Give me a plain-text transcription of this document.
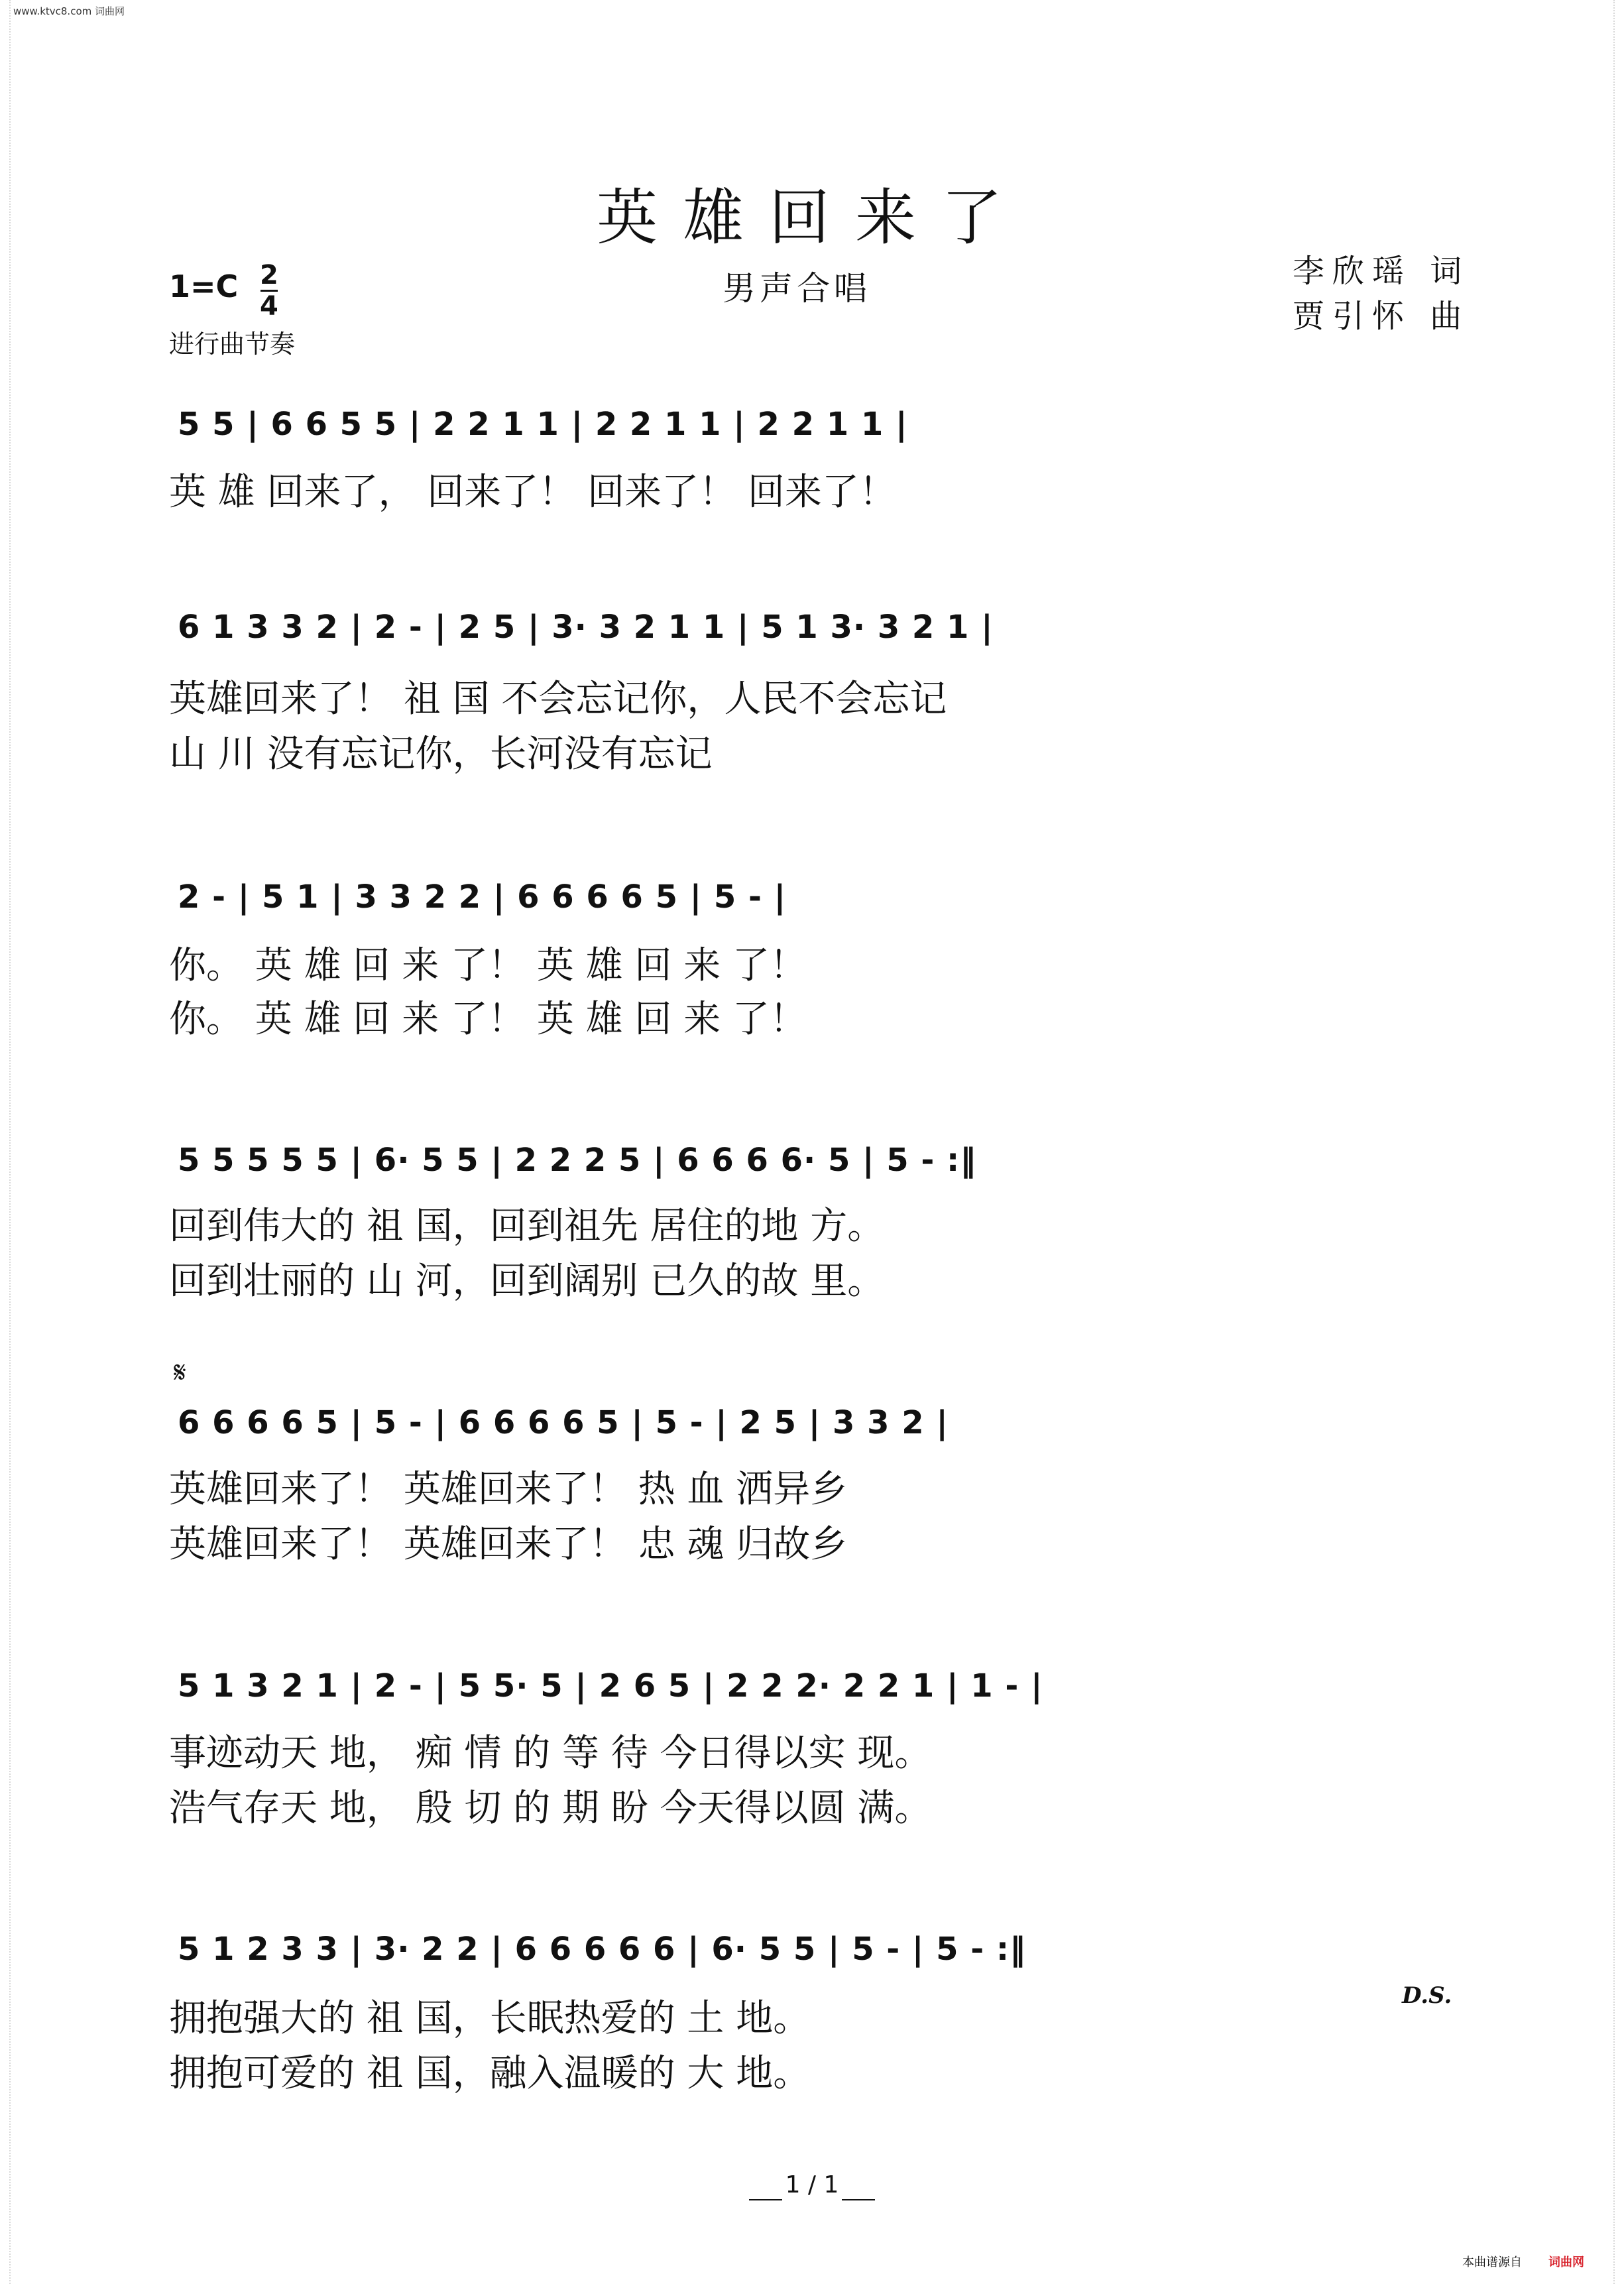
www.ktvc8.com 词曲网
英雄回来了
男声合唱	李欣瑶 词
贾引怀 曲
1=C 2
4
进行曲节奏
5 5 | 6 6 5 5 | 2 2 1 1 | 2 2 1 1 | 2 2 1 1 |
英 雄 回来了， 回来了！ 回来了！ 回来了！
6 1 3 3 2 | 2 - | 2 5 | 3· 3 2 1 1 | 5 1 3· 3 2 1 |
英雄回来了！ 祖 国 不会忘记你，人民不会忘记
山 川 没有忘记你，长河没有忘记
2 - | 5 1 | 3 3 2 2 | 6 6 6 6 5 | 5 - |
你。 英 雄 回 来 了！ 英 雄 回 来 了！
你。 英 雄 回 来 了！ 英 雄 回 来 了！
5 5 5 5 5 | 6· 5 5 | 2 2 2 5 | 6 6 6 6· 5 | 5 - :‖
回到伟大的 祖 国，回到祖先 居住的地 方。
回到壮丽的 山 河，回到阔别 已久的故 里。
𝄋
6 6 6 6 5 | 5 - | 6 6 6 6 5 | 5 - | 2 5 | 3 3 2 |
英雄回来了！ 英雄回来了！ 热 血 洒异乡
英雄回来了！ 英雄回来了！ 忠 魂 归故乡
5 1 3 2 1 | 2 - | 5 5· 5 | 2 6 5 | 2 2 2· 2 2 1 | 1 - |
事迹动天 地， 痴 情 的 等 待 今日得以实 现。
浩气存天 地， 殷 切 的 期 盼 今天得以圆 满。
5 1 2 3 3 | 3· 2 2 | 6 6 6 6 6 | 6· 5 5 | 5 - | 5 - :‖
拥抱强大的 祖 国，长眠热爱的 土 地。
拥抱可爱的 祖 国，融入温暖的 大 地。
D.S.
1 / 1
本曲谱源自 词曲网
